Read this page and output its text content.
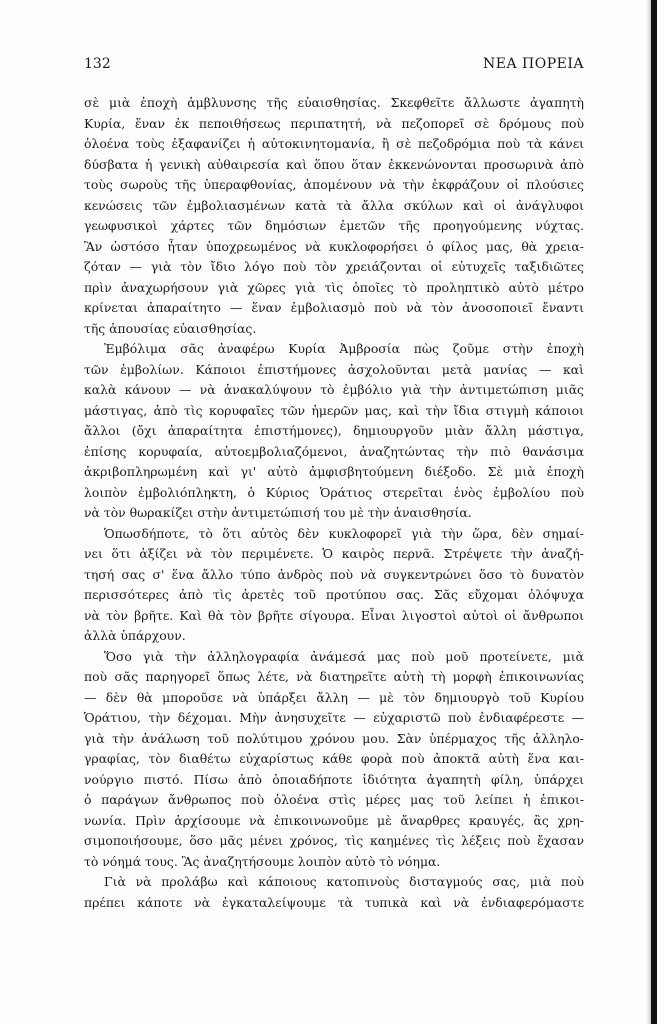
132	ΝΕΑ ΠΟΡΕΙΑ
σὲ μιὰ ἐποχὴ ἀμβλυνσης τῆς εὐαισθησίας. Σκεφθεῖτε ἄλλωστε ἀγαπητὴ
Κυρία, ἕναν ἐκ πεποιθήσεως περιπατητή, νὰ πεζοπορεῖ σὲ δρόμους ποὺ
ὁλοένα τοὺς ἐξαφανίζει ἡ αὐτοκινητομανία, ἢ σὲ πεζοδρόμια ποὺ τὰ κάνει
δύσβατα ἡ γενικὴ αὐθαιρεσία καὶ ὅπου ὅταν ἐκκενώνονται προσωρινὰ ἀπὸ
τοὺς σωροὺς τῆς ὑπεραφθονίας, ἀπομένουν νὰ τὴν ἐκφράζουν οἱ πλούσιες
κενώσεις τῶν ἐμβολιασμένων κατὰ τὰ ἄλλα σκύλων καὶ οἱ ἀνάγλυφοι
γεωφυσικοὶ χάρτες τῶν δημόσιων ἐμετῶν τῆς προηγούμενης νύχτας.
Ἂν ὡστόσο ἦταν ὑποχρεωμένος νὰ κυκλοφορήσει ὁ φίλος μας, θὰ χρεια-
ζόταν — γιὰ τὸν ἴδιο λόγο ποὺ τὸν χρειάζονται οἱ εὐτυχεῖς ταξιδιῶτες
πρὶν ἀναχωρήσουν γιὰ χῶρες γιὰ τὶς ὁποῖες τὸ προληπτικὸ αὐτὸ μέτρο
κρίνεται ἀπαραίτητο — ἕναν ἐμβολιασμὸ ποὺ νὰ τὸν ἀνοσοποιεῖ ἔναντι
τῆς ἀπουσίας εὐαισθησίας.
Ἐμβόλιμα σᾶς ἀναφέρω Κυρία Ἀμβροσία πὼς ζοῦμε στὴν ἐποχὴ
τῶν ἐμβολίων. Κάποιοι ἐπιστήμονες ἀσχολοῦνται μετὰ μανίας — καὶ
καλὰ κάνουν — νὰ ἀνακαλύψουν τὸ ἐμβόλιο γιὰ τὴν ἀντιμετώπιση μιᾶς
μάστιγας, ἀπὸ τὶς κορυφαῖες τῶν ἡμερῶν μας, καὶ τὴν ἴδια στιγμὴ κάποιοι
ἄλλοι (ὄχι ἀπαραίτητα ἐπιστήμονες), δημιουργοῦν μιὰν ἄλλη μάστιγα,
ἐπίσης κορυφαία, αὐτοεμβολιαζόμενοι, ἀναζητώντας τὴν πιὸ θανάσιμα
ἀκριβοπληρωμένη καὶ γι' αὐτὸ ἀμφισβητούμενη διέξοδο. Σὲ μιὰ ἐποχὴ
λοιπὸν ἐμβολιόπληκτη, ὁ Κύριος Ὁράτιος στερεῖται ἑνὸς ἐμβολίου ποὺ
νὰ τὸν θωρακίζει στὴν ἀντιμετώπισή του μὲ τὴν ἀναισθησία.
Ὁπωσδήποτε, τὸ ὅτι αὐτὸς δὲν κυκλοφορεῖ γιὰ τὴν ὥρα, δὲν σημαί-
νει ὅτι ἀξίζει νὰ τὸν περιμένετε. Ὁ καιρὸς περνᾶ. Στρέψετε τὴν ἀναζή-
τησή σας σ' ἕνα ἄλλο τύπο ἀνδρὸς ποὺ νὰ συγκεντρώνει ὅσο τὸ δυνατὸν
περισσότερες ἀπὸ τὶς ἀρετὲς τοῦ προτύπου σας. Σᾶς εὔχομαι ὁλόψυχα
νὰ τὸν βρῆτε. Καὶ θὰ τὸν βρῆτε σίγουρα. Εἶναι λιγοστοὶ αὐτοὶ οἱ ἄνθρωποι
ἀλλὰ ὑπάρχουν.
Ὅσο γιὰ τὴν ἀλληλογραφία ἀνάμεσά μας ποὺ μοῦ προτείνετε, μιὰ
ποὺ σᾶς παρηγορεῖ ὅπως λέτε, νὰ διατηρεῖτε αὐτὴ τὴ μορφὴ ἐπικοινωνίας
— δὲν θὰ μποροῦσε νὰ ὑπάρξει ἄλλη — μὲ τὸν δημιουργὸ τοῦ Κυρίου
Ὁράτιου, τὴν δέχομαι. Μὴν ἀνησυχεῖτε — εὐχαριστῶ ποὺ ἐνδιαφέρεστε —
γιὰ τὴν ἀνάλωση τοῦ πολύτιμου χρόνου μου. Σὰν ὑπέρμαχος τῆς ἀλληλο-
γραφίας, τὸν διαθέτω εὐχαρίστως κάθε φορὰ ποὺ ἀποκτᾶ αὐτὴ ἕνα και-
νούργιο πιστό. Πίσω ἀπὸ ὁποιαδήποτε ἰδιότητα ἀγαπητὴ φίλη, ὑπάρχει
ὁ παράγων ἄνθρωπος ποὺ ὁλοένα στὶς μέρες μας τοῦ λείπει ἡ ἐπικοι-
νωνία. Πρὶν ἀρχίσουμε νὰ ἐπικοινωνοῦμε μὲ ἄναρθρες κραυγές, ἂς χρη-
σιμοποιήσουμε, ὅσο μᾶς μένει χρόνος, τὶς καημένες τὶς λέξεις ποὺ ἔχασαν
τὸ νόημά τους. Ἂς ἀναζητήσουμε λοιπὸν αὐτὸ τὸ νόημα.
Γιὰ νὰ προλάβω καὶ κάποιους κατοπινοὺς δισταγμούς σας, μιὰ ποὺ
πρέπει κάποτε νὰ ἐγκαταλείψουμε τὰ τυπικὰ καὶ νὰ ἐνδιαφερόμαστε
